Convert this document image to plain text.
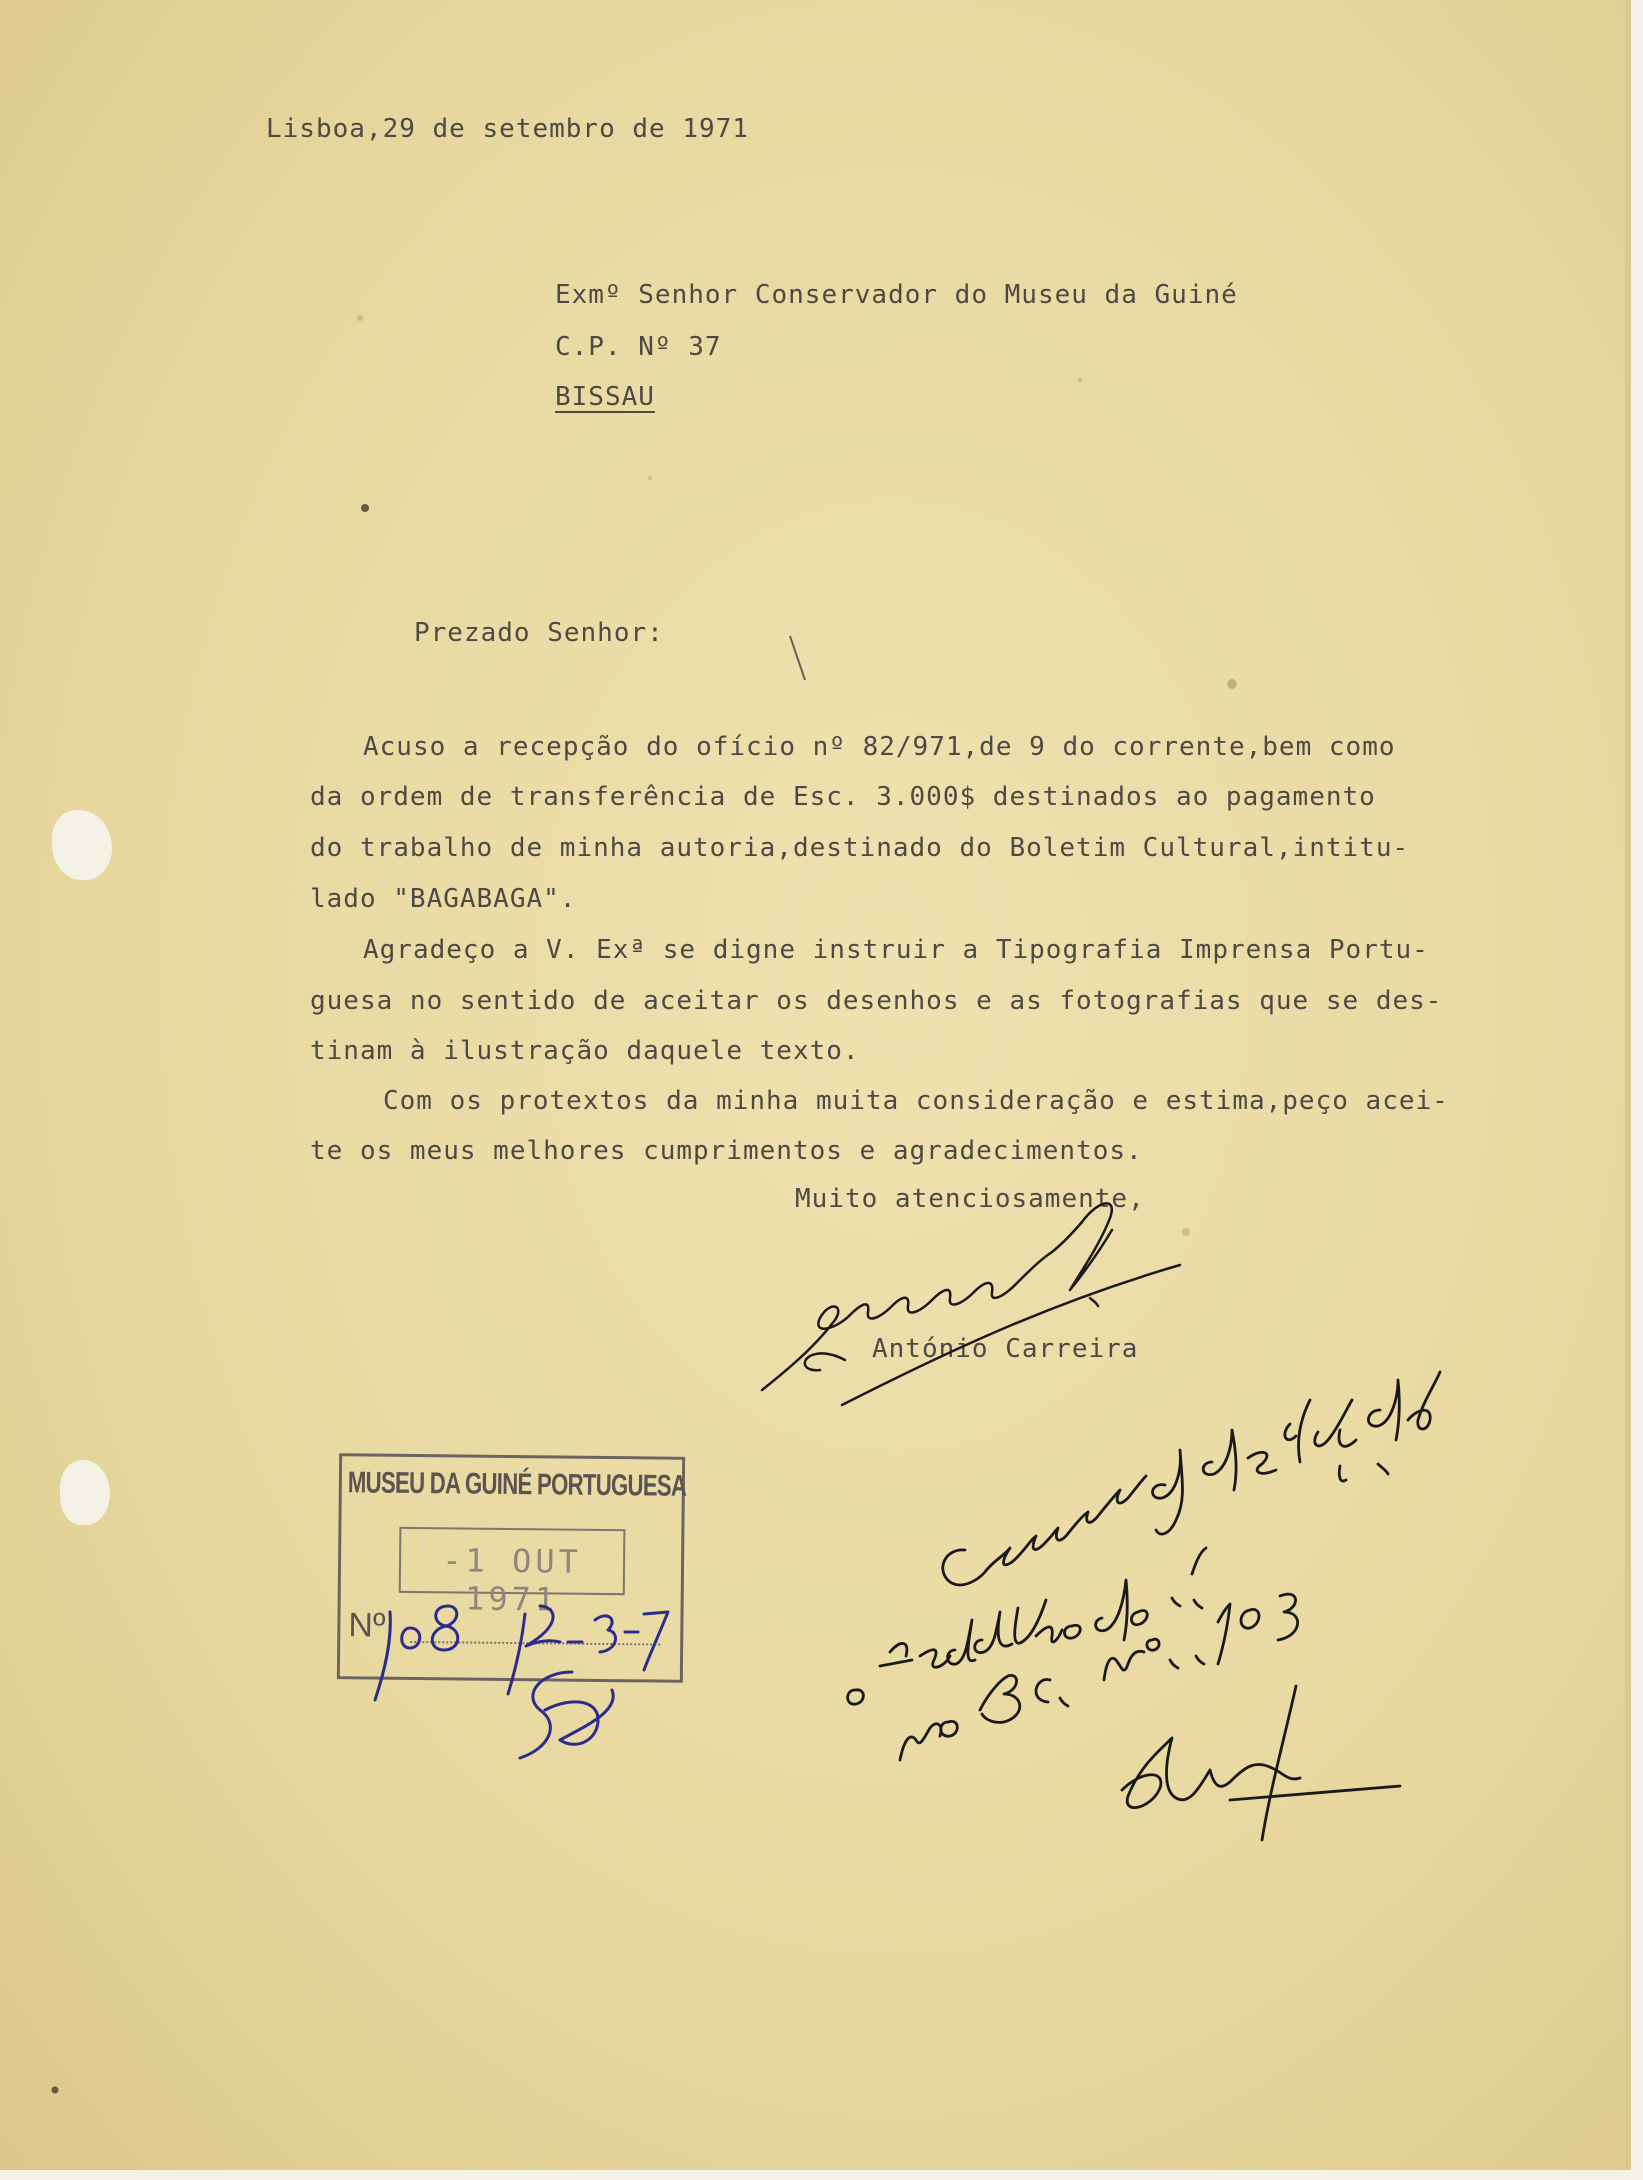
Lisboa,29 de setembro de 1971
Exmº Senhor Conservador do Museu da Guiné
C.P. Nº 37
BISSAU
Prezado Senhor:
Acuso a recepção do ofício nº 82/971,de 9 do corrente,bem como
da ordem de transferência de Esc. 3.000$ destinados ao pagamento
do trabalho de minha autoria,destinado do Boletim Cultural,intitu-
lado "BAGABAGA".
Agradeço a V. Exª se digne instruir a Tipografia Imprensa Portu-
guesa no sentido de aceitar os desenhos e as fotografias que se des-
tinam à ilustração daquele texto.
Com os protextos da minha muita consideração e estima,peço acei-
te os meus melhores cumprimentos e agradecimentos.
Muito atenciosamente,
António Carreira
MUSEU DA GUINÉ PORTUGUESA
-1 OUT 1971
Nº
